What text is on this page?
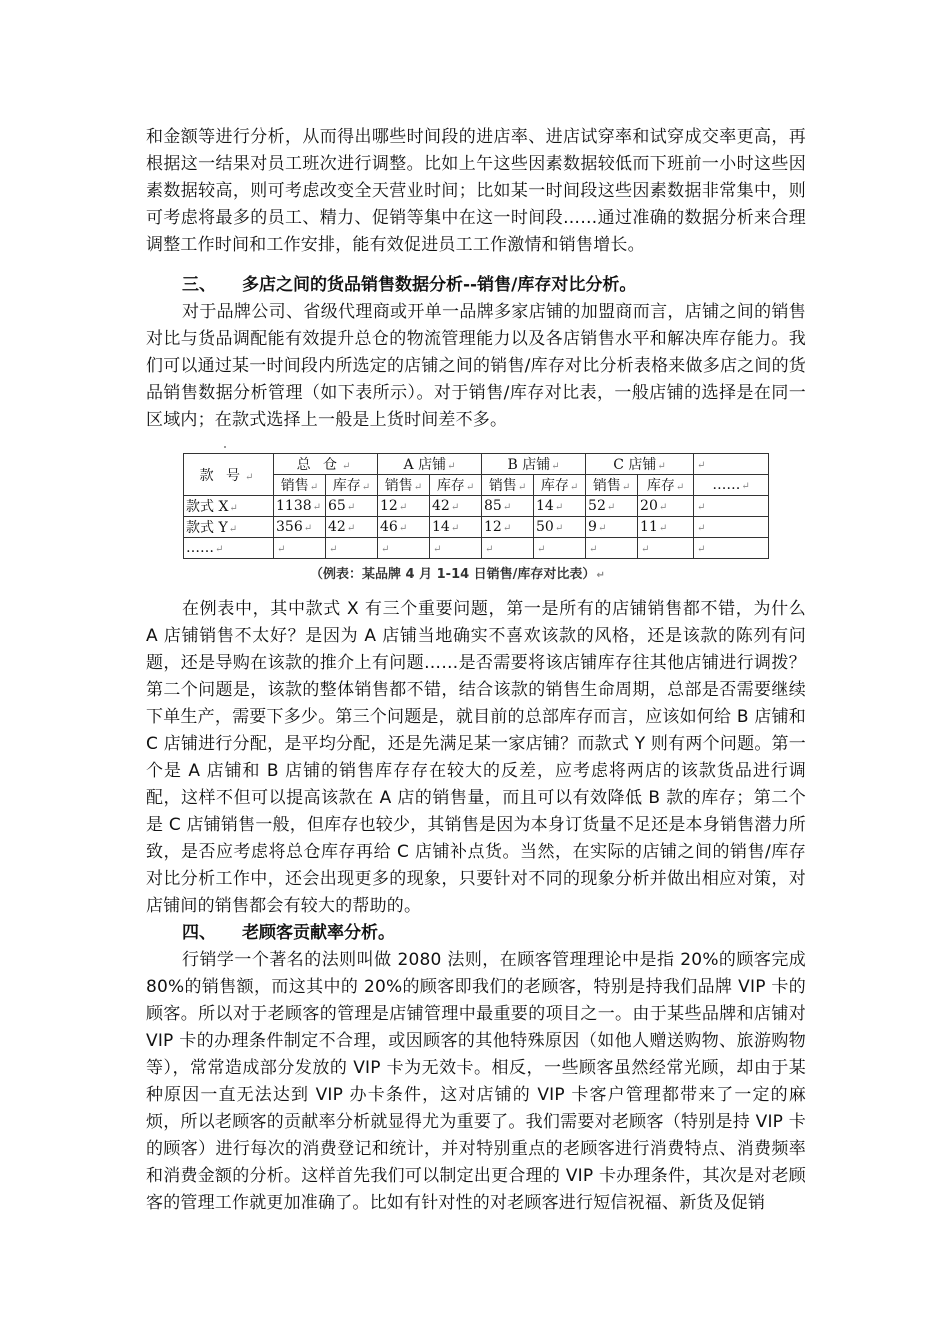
和金额等进行分析，从而得出哪些时间段的进店率、进店试穿率和试穿成交率更高，再根据这一结果对员工班次进行调整。比如上午这些因素数据较低而下班前一小时这些因素数据较高，则可考虑改变全天营业时间；比如某一时间段这些因素数据非常集中，则可考虑将最多的员工、精力、促销等集中在这一时间段……通过准确的数据分析来合理调整工作时间和工作安排，能有效促进员工工作激情和销售增长。

三、 多店之间的货品销售数据分析--销售/库存对比分析。

对于品牌公司、省级代理商或开单一品牌多家店铺的加盟商而言，店铺之间的销售对比与货品调配能有效提升总仓的物流管理能力以及各店销售水平和解决库存能力。我们可以通过某一时间段内所选定的店铺之间的销售/库存对比分析表格来做多店之间的货品销售数据分析管理（如下表所示）。对于销售/库存对比表，一般店铺的选择是在同一区域内；在款式选择上一般是上货时间差不多。

款 号↵	总 仓↵		A 店铺↵		B 店铺↵		C 店铺↵		↵
	销售↵	库存↵	销售↵	库存↵	销售↵	库存↵	销售↵	库存↵	……↵
款式 X↵	1138↵	65↵	12↵	42↵	85↵	14↵	52↵	20↵	↵
款式 Y↵	356↵	42↵	46↵	14↵	12↵	50↵	9↵	11↵	↵
……↵	↵	↵	↵	↵	↵	↵	↵	↵	↵
（例表：某品牌 4 月 1-14 日销售/库存对比表）↵

在例表中，其中款式 X 有三个重要问题，第一是所有的店铺销售都不错，为什么 A 店铺销售不太好？是因为 A 店铺当地确实不喜欢该款的风格，还是该款的陈列有问题，还是导购在该款的推介上有问题……是否需要将该店铺库存往其他店铺进行调拨？第二个问题是，该款的整体销售都不错，结合该款的销售生命周期，总部是否需要继续下单生产，需要下多少。第三个问题是，就目前的总部库存而言，应该如何给 B 店铺和 C 店铺进行分配，是平均分配，还是先满足某一家店铺？而款式 Y 则有两个问题。第一个是 A 店铺和 B 店铺的销售库存存在较大的反差，应考虑将两店的该款货品进行调配，这样不但可以提高该款在 A 店的销售量，而且可以有效降低 B 款的库存；第二个是 C 店铺销售一般，但库存也较少，其销售是因为本身订货量不足还是本身销售潜力所致，是否应考虑将总仓库存再给 C 店铺补点货。当然，在实际的店铺之间的销售/库存对比分析工作中，还会出现更多的现象，只要针对不同的现象分析并做出相应对策，对店铺间的销售都会有较大的帮助的。

四、 老顾客贡献率分析。

行销学一个著名的法则叫做 2080 法则，在顾客管理理论中是指 20%的顾客完成 80%的销售额，而这其中的 20%的顾客即我们的老顾客，特别是持我们品牌 VIP 卡的顾客。所以对于老顾客的管理是店铺管理中最重要的项目之一。由于某些品牌和店铺对 VIP 卡的办理条件制定不合理，或因顾客的其他特殊原因（如他人赠送购物、旅游购物等），常常造成部分发放的 VIP 卡为无效卡。相反，一些顾客虽然经常光顾，却由于某种原因一直无法达到 VIP 办卡条件，这对店铺的 VIP 卡客户管理都带来了一定的麻烦，所以老顾客的贡献率分析就显得尤为重要了。我们需要对老顾客（特别是持 VIP 卡的顾客）进行每次的消费登记和统计，并对特别重点的老顾客进行消费特点、消费频率和消费金额的分析。这样首先我们可以制定出更合理的 VIP 卡办理条件，其次是对老顾客的管理工作就更加准确了。比如有针对性的对老顾客进行短信祝福、新货及促销
